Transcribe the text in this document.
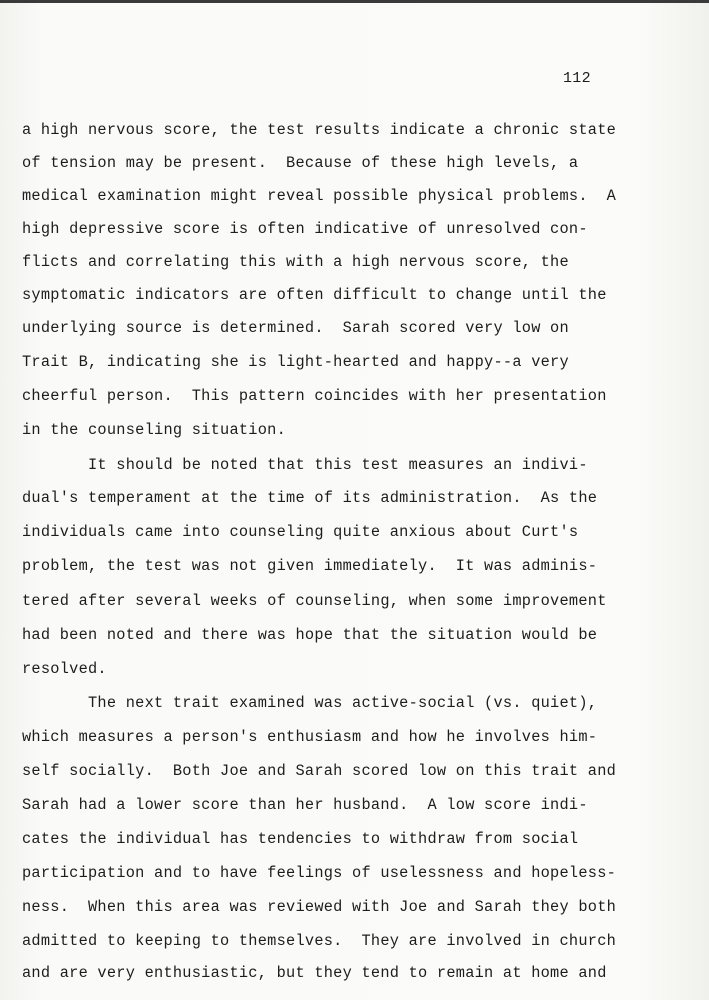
112
a high nervous score, the test results indicate a chronic state
of tension may be present.  Because of these high levels, a
medical examination might reveal possible physical problems.  A
high depressive score is often indicative of unresolved con-
flicts and correlating this with a high nervous score, the
symptomatic indicators are often difficult to change until the
underlying source is determined.  Sarah scored very low on
Trait B, indicating she is light-hearted and happy--a very
cheerful person.  This pattern coincides with her presentation
in the counseling situation.
It should be noted that this test measures an indivi-
dual's temperament at the time of its administration.  As the
individuals came into counseling quite anxious about Curt's
problem, the test was not given immediately.  It was adminis-
tered after several weeks of counseling, when some improvement
had been noted and there was hope that the situation would be
resolved.
The next trait examined was active-social (vs. quiet),
which measures a person's enthusiasm and how he involves him-
self socially.  Both Joe and Sarah scored low on this trait and
Sarah had a lower score than her husband.  A low score indi-
cates the individual has tendencies to withdraw from social
participation and to have feelings of uselessness and hopeless-
ness.  When this area was reviewed with Joe and Sarah they both
admitted to keeping to themselves.  They are involved in church
and are very enthusiastic, but they tend to remain at home and
